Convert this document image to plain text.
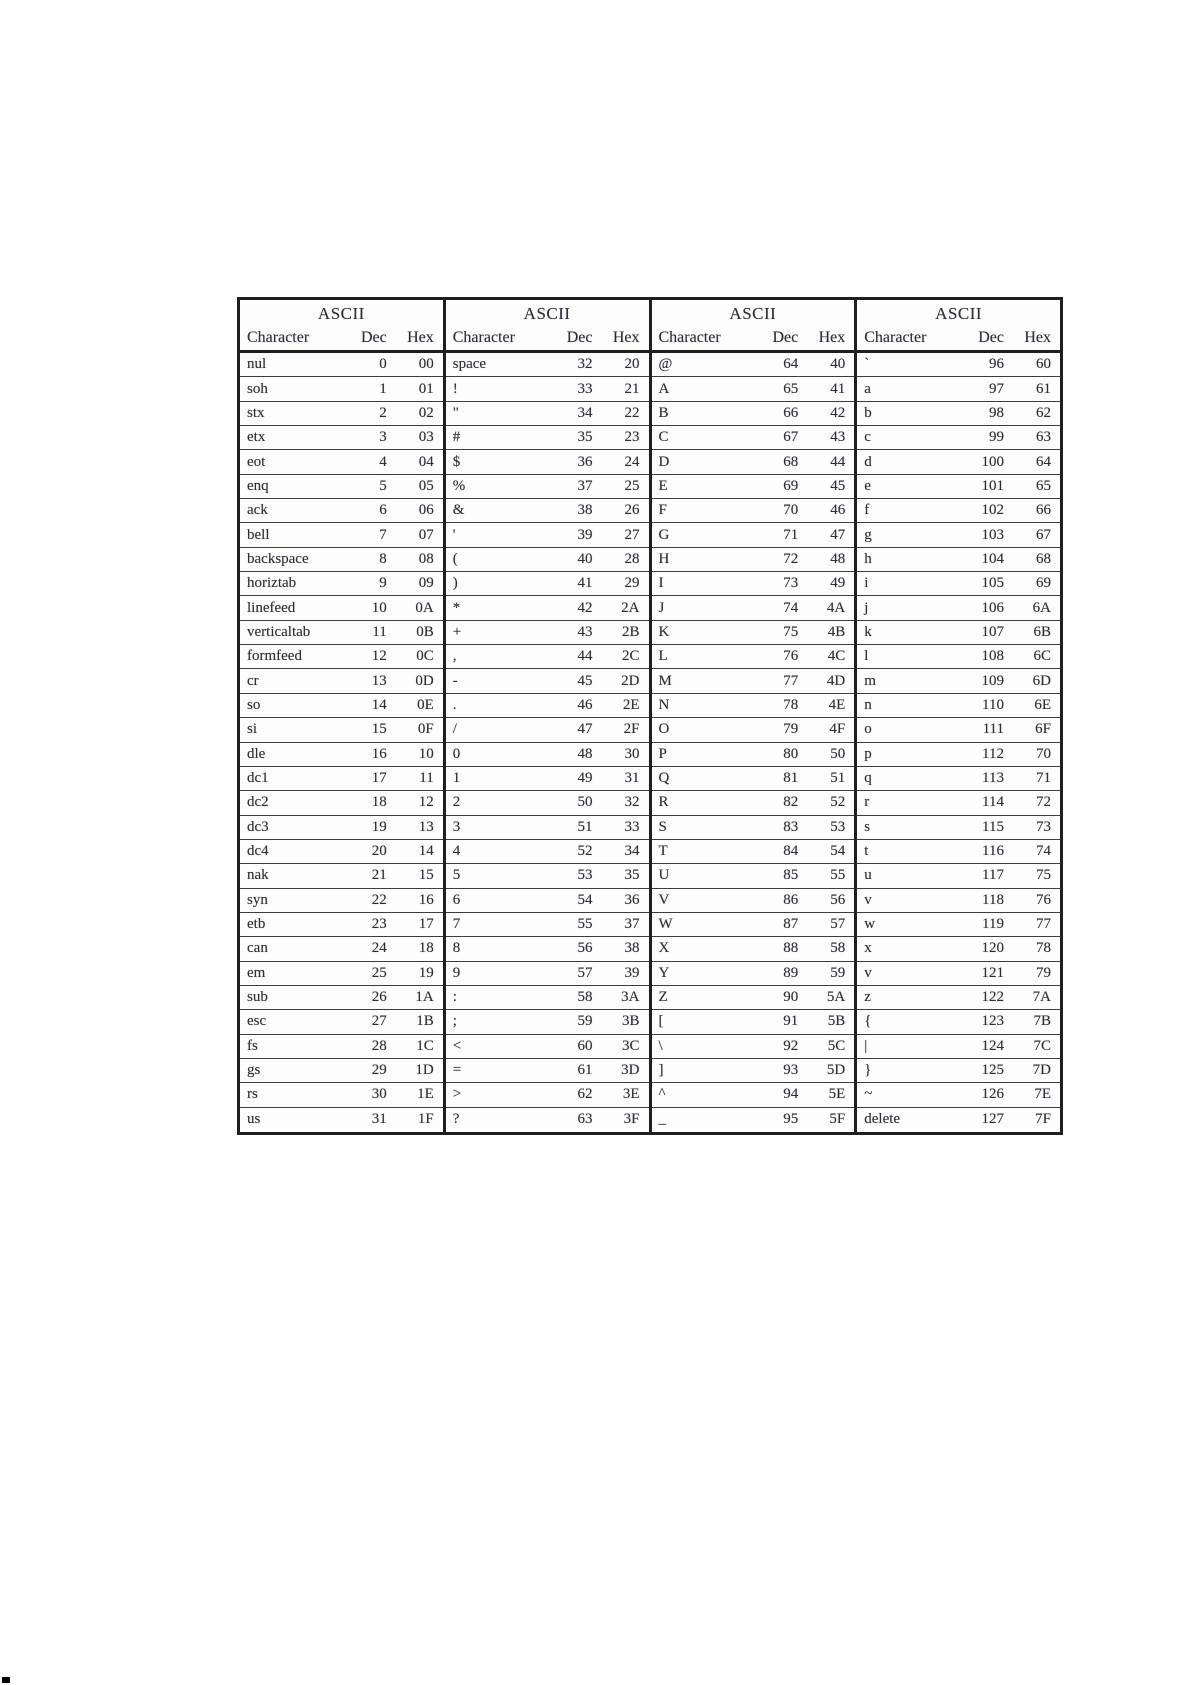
ASCII
Character	Dec	Hex
nul	0	00
soh	1	01
stx	2	02
etx	3	03
eot	4	04
enq	5	05
ack	6	06
bell	7	07
backspace	8	08
horiztab	9	09
linefeed	10	0A
verticaltab	11	0B
formfeed	12	0C
cr	13	0D
so	14	0E
si	15	0F
dle	16	10
dc1	17	11
dc2	18	12
dc3	19	13
dc4	20	14
nak	21	15
syn	22	16
etb	23	17
can	24	18
em	25	19
sub	26	1A
esc	27	1B
fs	28	1C
gs	29	1D
rs	30	1E
us	31	1F
ASCII
Character	Dec	Hex
space	32	20
!	33	21
"	34	22
#	35	23
$	36	24
%	37	25
&	38	26
'	39	27
(	40	28
)	41	29
*	42	2A
+	43	2B
,	44	2C
-	45	2D
.	46	2E
/	47	2F
0	48	30
1	49	31
2	50	32
3	51	33
4	52	34
5	53	35
6	54	36
7	55	37
8	56	38
9	57	39
:	58	3A
;	59	3B
<	60	3C
=	61	3D
>	62	3E
?	63	3F
ASCII
Character	Dec	Hex
@	64	40
A	65	41
B	66	42
C	67	43
D	68	44
E	69	45
F	70	46
G	71	47
H	72	48
I	73	49
J	74	4A
K	75	4B
L	76	4C
M	77	4D
N	78	4E
O	79	4F
P	80	50
Q	81	51
R	82	52
S	83	53
T	84	54
U	85	55
V	86	56
W	87	57
X	88	58
Y	89	59
Z	90	5A
[	91	5B
\	92	5C
]	93	5D
^	94	5E
_	95	5F
ASCII
Character	Dec	Hex
`	96	60
a	97	61
b	98	62
c	99	63
d	100	64
e	101	65
f	102	66
g	103	67
h	104	68
i	105	69
j	106	6A
k	107	6B
l	108	6C
m	109	6D
n	110	6E
o	111	6F
p	112	70
q	113	71
r	114	72
s	115	73
t	116	74
u	117	75
v	118	76
w	119	77
x	120	78
v	121	79
z	122	7A
{	123	7B
|	124	7C
}	125	7D
~	126	7E
delete	127	7F
